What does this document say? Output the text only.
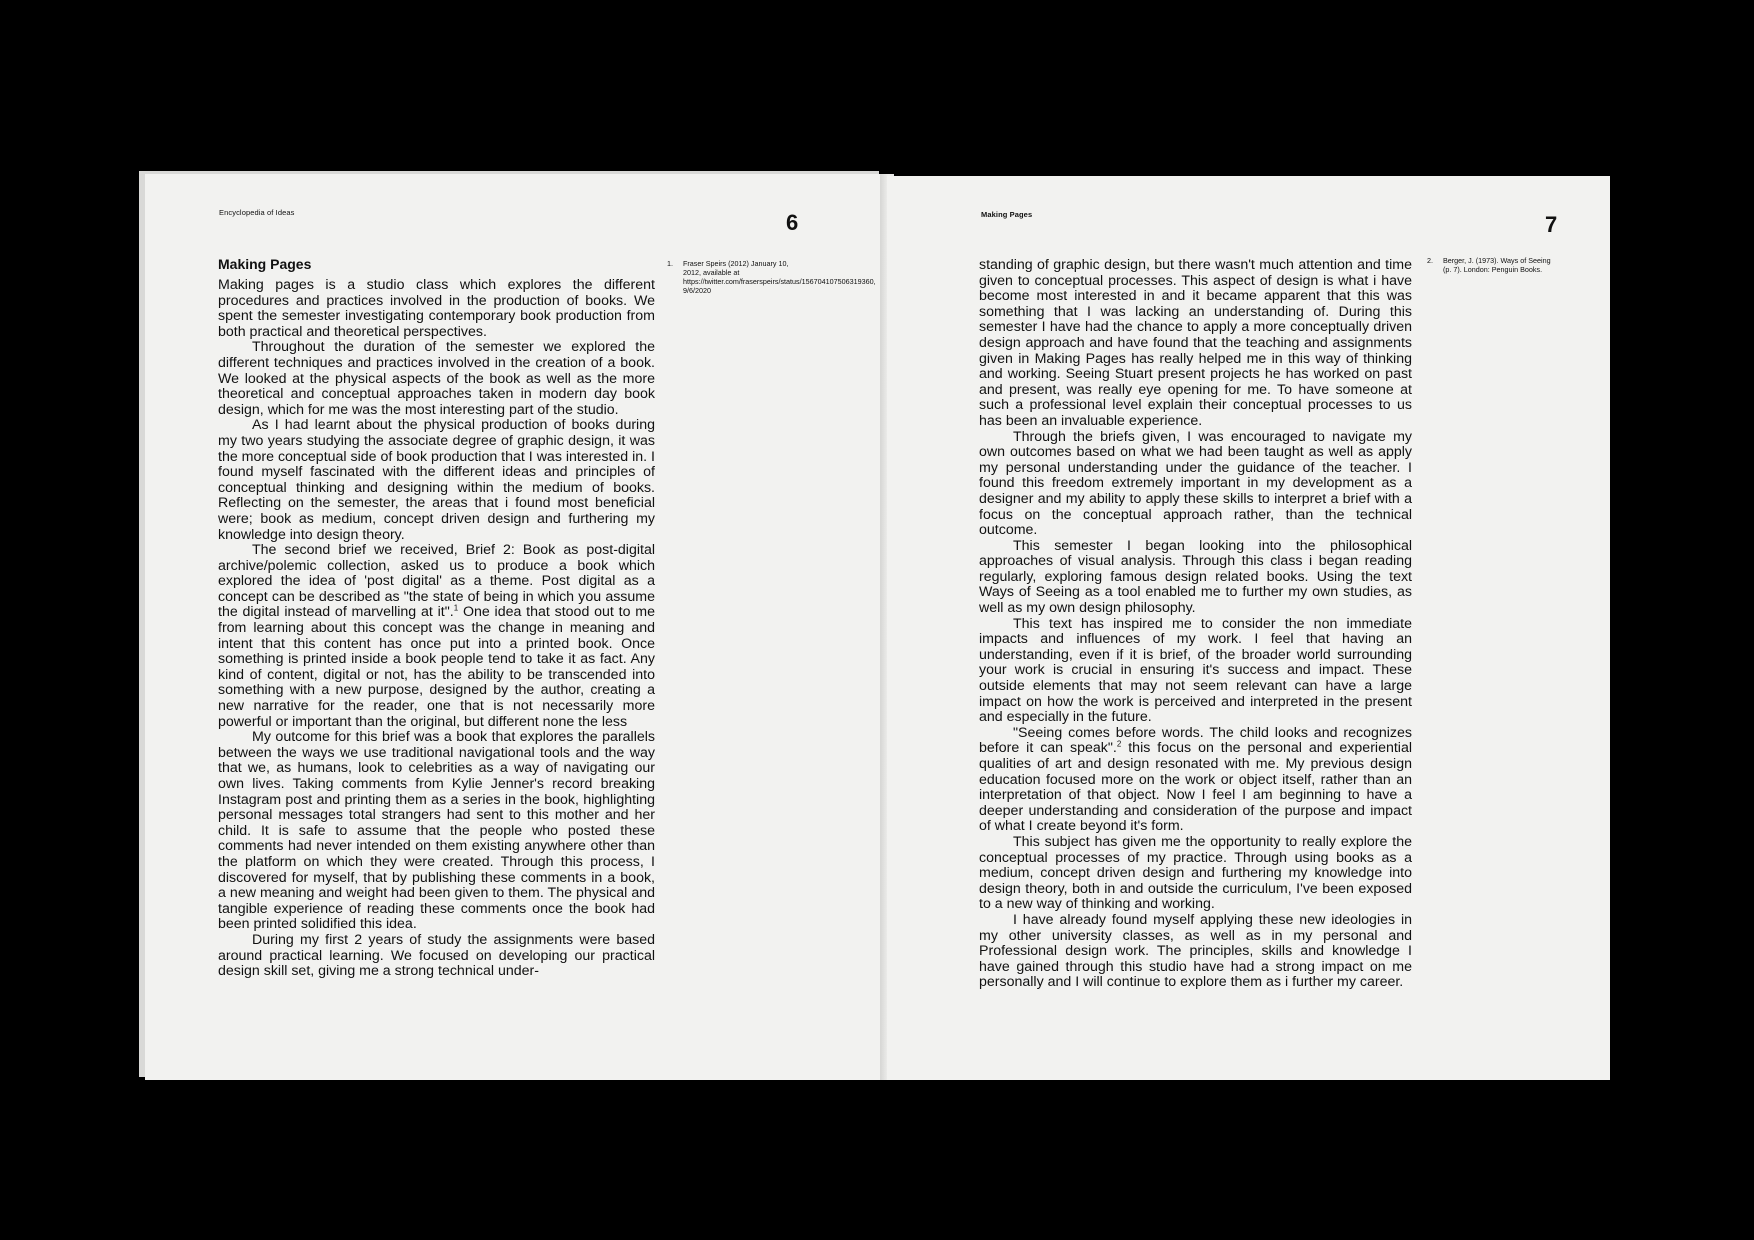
Encyclopedia of Ideas	6
Making Pages

Making pages is a studio class which explores the different procedures and practices involved in the production of books. We spent the semester investigating contemporary book production from both practical and theoretical perspectives.

Throughout the duration of the semester we explored the different techniques and practices involved in the creation of a book. We looked at the physical aspects of the book as well as the more theoretical and conceptual approaches taken in modern day book design, which for me was the most interesting part of the studio.

As I had learnt about the physical production of books during my two years studying the associate degree of graphic design, it was the more conceptual side of book production that I was interested in. I found myself fascinated with the different ideas and principles of conceptual thinking and designing within the medium of books. Reflecting on the semester, the areas that i found most beneficial were; book as medium, concept driven design and furthering my knowledge into design theory.

The second brief we received, Brief 2: Book as post-digital archive/polemic collection, asked us to produce a book which explored the idea of 'post digital' as a theme. Post digital as a concept can be described as "the state of being in which you assume the digital instead of marvelling at it".$^1$ One idea that stood out to me from learning about this concept was the change in meaning and intent that this content has once put into a printed book. Once something is printed inside a book people tend to take it as fact. Any kind of content, digital or not, has the ability to be transcended into something with a new purpose, designed by the author, creating a new narrative for the reader, one that is not necessarily more powerful or important than the original, but different none the less

My outcome for this brief was a book that explores the parallels between the ways we use traditional navigational tools and the way that we, as humans, look to celebrities as a way of navigating our own lives. Taking comments from Kylie Jenner's record breaking Instagram post and printing them as a series in the book, highlighting personal messages total strangers had sent to this mother and her child. It is safe to assume that the people who posted these comments had never intended on them existing anywhere other than the platform on which they were created. Through this process, I discovered for myself, that by publishing these comments in a book, a new meaning and weight had been given to them. The physical and tangible experience of reading these comments once the book had been printed solidified this idea.

During my first 2 years of study the assignments were based around practical learning. We focused on developing our practical design skill set, giving me a strong technical under-

1. Fraser Speirs (2012) January 10, 2012, available at https://twitter.com/fraserspeirs/status/156704107506319360, 9/6/2020
Making Pages	7

standing of graphic design, but there wasn't much attention and time given to conceptual processes. This aspect of design is what i have become most interested in and it became apparent that this was something that I was lacking an understanding of. During this semester I have had the chance to apply a more conceptually driven design approach and have found that the teaching and assignments given in Making Pages has really helped me in this way of thinking and working. Seeing Stuart present projects he has worked on past and present, was really eye opening for me. To have someone at such a professional level explain their conceptual processes to us has been an invaluable experience.

Through the briefs given, I was encouraged to navigate my own outcomes based on what we had been taught as well as apply my personal understanding under the guidance of the teacher. I found this freedom extremely important in my development as a designer and my ability to apply these skills to interpret a brief with a focus on the conceptual approach rather, than the technical outcome.

This semester I began looking into the philosophical approaches of visual analysis. Through this class i began reading regularly, exploring famous design related books. Using the text Ways of Seeing as a tool enabled me to further my own studies, as well as my own design philosophy.

This text has inspired me to consider the non immediate impacts and influences of my work. I feel that having an understanding, even if it is brief, of the broader world surrounding your work is crucial in ensuring it's success and impact. These outside elements that may not seem relevant can have a large impact on how the work is perceived and interpreted in the present and especially in the future.

"Seeing comes before words. The child looks and recognizes before it can speak".$^2$ this focus on the personal and experiential qualities of art and design resonated with me. My previous design education focused more on the work or object itself, rather than an interpretation of that object. Now I feel I am beginning to have a deeper understanding and consideration of the purpose and impact of what I create beyond it's form.

This subject has given me the opportunity to really explore the conceptual processes of my practice. Through using books as a medium, concept driven design and furthering my knowledge into design theory, both in and outside the curriculum, I've been exposed to a new way of thinking and working.

I have already found myself applying these new ideologies in my other university classes, as well as in my personal and Professional design work. The principles, skills and knowledge I have gained through this studio have had a strong impact on me personally and I will continue to explore them as i further my career.

2. Berger, J. (1973). Ways of Seeing (p. 7). London: Penguin Books.
